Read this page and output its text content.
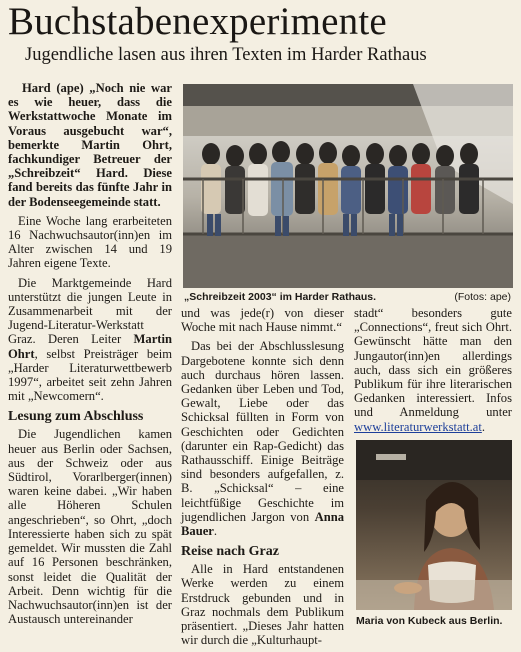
Buchstabenexperimente
Jugendliche lasen aus ihren Texten im Harder Rathaus

Hard (ape) „Noch nie war es wie heuer, dass die Werkstattwoche Monate im Voraus ausgebucht war“, bemerkte Martin Ohrt, fachkundiger Betreuer der „Schreibzeit“ Hard. Diese fand bereits das fünfte Jahr in der Bodenseegemeinde statt.

Eine Woche lang erarbeiteten 16 Nachwuchsautor(inn)en im Alter zwischen 14 und 19 Jahren eigene Texte.

Die Marktgemeinde Hard unterstützt die jungen Leute in Zusammenarbeit mit der Jugend-Literatur-Werkstatt Graz. Deren Leiter Martin Ohrt, selbst Preisträger beim „Harder Literaturwettbewerb 1997“, arbeitet seit zehn Jahren mit „Newcomern“.

Lesung zum Abschluss

Die Jugendlichen kamen heuer aus Berlin oder Sachsen, aus der Schweiz oder aus Südtirol, Vorarlberger(innen) waren keine dabei. „Wir haben alle Höheren Schulen angeschrieben“, so Ohrt, „doch Interessierte haben sich zu spät gemeldet. Wir mussten die Zahl auf 16 Personen beschränken, sonst leidet die Qualität der Arbeit. Denn wichtig für die Nachwuchsautor(inn)en ist der Austausch untereinander

„Schreibzeit 2003“ im Harder Rathaus.	(Fotos: ape)

und was jede(r) von dieser Woche mit nach Hause nimmt.“

Das bei der Abschlusslesung Dargebotene konnte sich denn auch durchaus hören lassen. Gedanken über Leben und Tod, Gewalt, Liebe oder das Schicksal füllten in Form von Geschichten oder Gedichten (darunter ein Rap-Gedicht) das Rathausschiff. Einige Beiträge sind besonders aufgefallen, z. B. „Schicksal“ – eine leichtfüßige Geschichte im jugendlichen Jargon von Anna Bauer.

Reise nach Graz

Alle in Hard entstandenen Werke werden zu einem Erstdruck gebunden und in Graz nochmals dem Publikum präsentiert. „Dieses Jahr hatten wir durch die „Kulturhaupt-

stadt“ besonders gute „Connections“, freut sich Ohrt. Gewünscht hätte man den Jungautor(inn)en allerdings auch, dass sich ein größeres Publikum für ihre literarischen Gedanken interessiert. Infos und Anmeldung unter www.literaturwerkstatt.at.

Maria von Kubeck aus Berlin.
